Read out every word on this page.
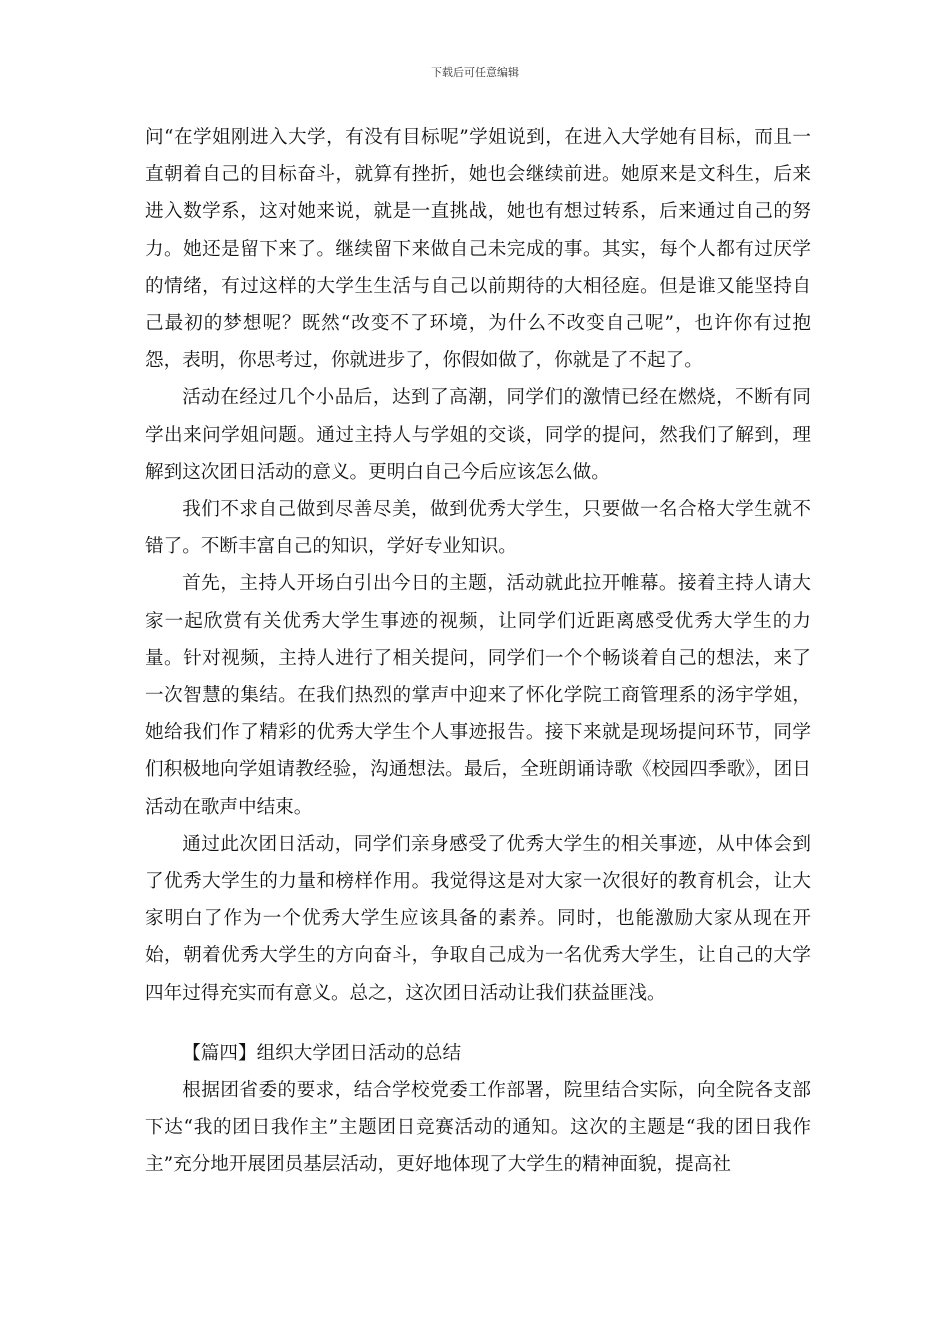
下载后可任意编辑

问“在学姐刚进入大学，有没有目标呢”学姐说到，在进入大学她有目标，而且一直朝着自己的目标奋斗，就算有挫折，她也会继续前进。她原来是文科生，后来进入数学系，这对她来说，就是一直挑战，她也有想过转系，后来通过自己的努力。她还是留下来了。继续留下来做自己未完成的事。其实，每个人都有过厌学的情绪，有过这样的大学生生活与自己以前期待的大相径庭。但是谁又能坚持自己最初的梦想呢？既然“改变不了环境，为什么不改变自己呢”，也许你有过抱怨，表明，你思考过，你就进步了，你假如做了，你就是了不起了。

活动在经过几个小品后，达到了高潮，同学们的激情已经在燃烧，不断有同学出来问学姐问题。通过主持人与学姐的交谈，同学的提问，然我们了解到，理解到这次团日活动的意义。更明白自己今后应该怎么做。

我们不求自己做到尽善尽美，做到优秀大学生，只要做一名合格大学生就不错了。不断丰富自己的知识，学好专业知识。

首先，主持人开场白引出今日的主题，活动就此拉开帷幕。接着主持人请大家一起欣赏有关优秀大学生事迹的视频，让同学们近距离感受优秀大学生的力量。针对视频，主持人进行了相关提问，同学们一个个畅谈着自己的想法，来了一次智慧的集结。在我们热烈的掌声中迎来了怀化学院工商管理系的汤宇学姐，她给我们作了精彩的优秀大学生个人事迹报告。接下来就是现场提问环节，同学们积极地向学姐请教经验，沟通想法。最后，全班朗诵诗歌《校园四季歌》，团日活动在歌声中结束。

通过此次团日活动，同学们亲身感受了优秀大学生的相关事迹，从中体会到了优秀大学生的力量和榜样作用。我觉得这是对大家一次很好的教育机会，让大家明白了作为一个优秀大学生应该具备的素养。同时，也能激励大家从现在开始，朝着优秀大学生的方向奋斗，争取自己成为一名优秀大学生，让自己的大学四年过得充实而有意义。总之，这次团日活动让我们获益匪浅。

【篇四】组织大学团日活动的总结

根据团省委的要求，结合学校党委工作部署，院里结合实际，向全院各支部下达“我的团日我作主”主题团日竞赛活动的通知。这次的主题是“我的团日我作主”充分地开展团员基层活动，更好地体现了大学生的精神面貌，提高社
